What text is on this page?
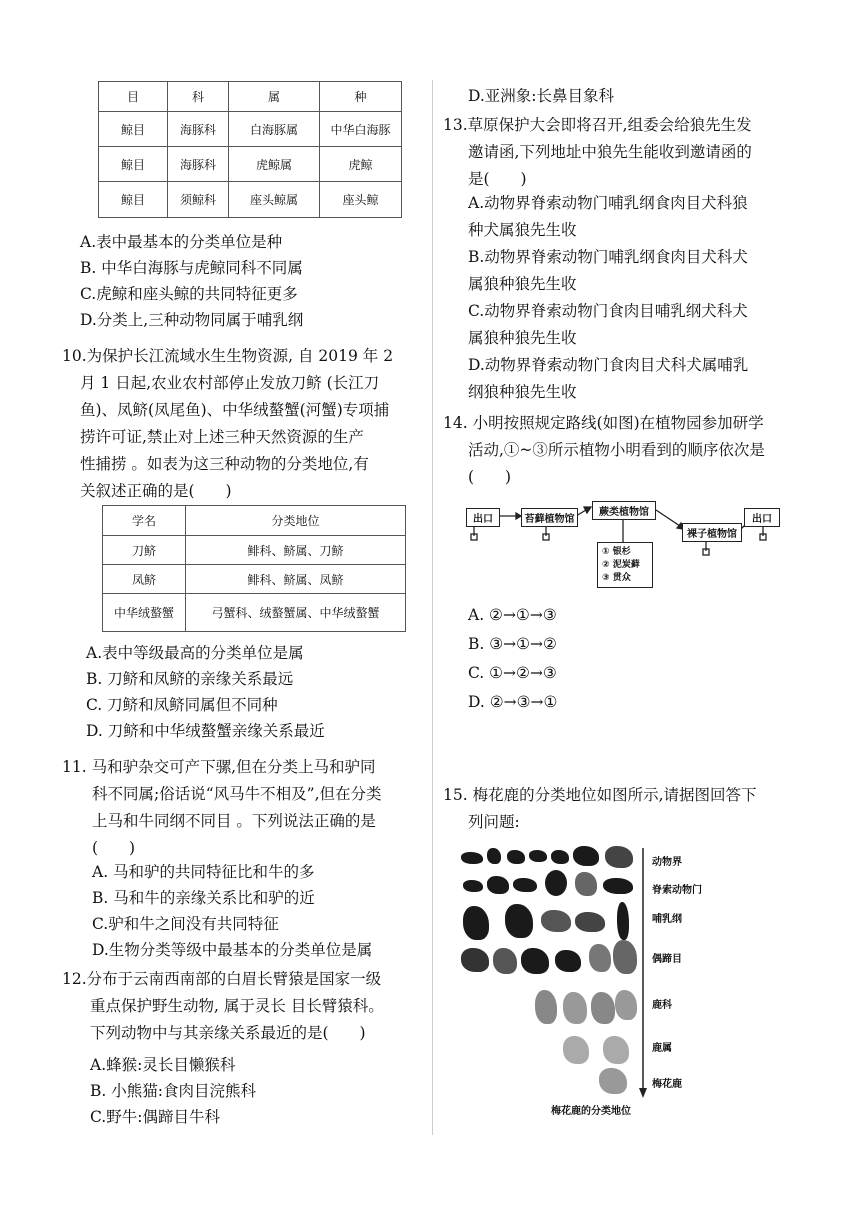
目	科	属	种
鲸目	海豚科	白海豚属	中华白海豚
鲸目	海豚科	虎鲸属	虎鲸
鲸目	须鲸科	座头鲸属	座头鲸
A.表中最基本的分类单位是种
B. 中华白海豚与虎鲸同科不同属
C.虎鲸和座头鲸的共同特征更多
D.分类上,三种动物同属于哺乳纲
10.为保护长江流域水生生物资源, 自 2019 年 2
月 1 日起,农业农村部停止发放刀鲚 (长江刀
鱼)、凤鲚(凤尾鱼)、中华绒螯蟹(河蟹)专项捕
捞许可证,禁止对上述三种天然资源的生产
性捕捞 。如表为这三种动物的分类地位,有
关叙述正确的是(　　)
学名	分类地位
刀鲚	鲱科、鲚属、刀鲚
凤鲚	鲱科、鲚属、凤鲚
中华绒螯蟹	弓蟹科、绒螯蟹属、中华绒螯蟹
A.表中等级最高的分类单位是属
B. 刀鲚和凤鲚的亲缘关系最远
C. 刀鲚和凤鲚同属但不同种
D. 刀鲚和中华绒螯蟹亲缘关系最近
11. 马和驴杂交可产下骡,但在分类上马和驴同
科不同属;俗话说“风马牛不相及”,但在分类
上马和牛同纲不同目 。下列说法正确的是
(　　)
A. 马和驴的共同特征比和牛的多
B. 马和牛的亲缘关系比和驴的近
C.驴和牛之间没有共同特征
D.生物分类等级中最基本的分类单位是属
12.分布于云南西南部的白眉长臂猿是国家一级
重点保护野生动物, 属于灵长 目长臂猿科。
下列动物中与其亲缘关系最近的是(　　)
A.蜂猴:灵长目懒猴科
B. 小熊猫:食肉目浣熊科
C.野牛:偶蹄目牛科
D.亚洲象:长鼻目象科
13.草原保护大会即将召开,组委会给狼先生发
邀请函,下列地址中狼先生能收到邀请函的
是(　　)
A.动物界脊索动物门哺乳纲食肉目犬科狼
种犬属狼先生收
B.动物界脊索动物门哺乳纲食肉目犬科犬
属狼种狼先生收
C.动物界脊索动物门食肉目哺乳纲犬科犬
属狼种狼先生收
D.动物界脊索动物门食肉目犬科犬属哺乳
纲狼种狼先生收
14. 小明按照规定路线(如图)在植物园参加研学
活动,①~③所示植物小明看到的顺序依次是
(　　)
出口	苔藓植物馆
蕨类植物馆
裸子植物馆
出口
① 银杉
② 泥炭藓
③ 贯众
A. ②→①→③
B. ③→①→②
C. ①→②→③
D. ②→③→①
15. 梅花鹿的分类地位如图所示,请据图回答下
列问题:
梅花鹿的分类地位
动物界
脊索动物门
哺乳纲
偶蹄目
鹿科
鹿属
梅花鹿
